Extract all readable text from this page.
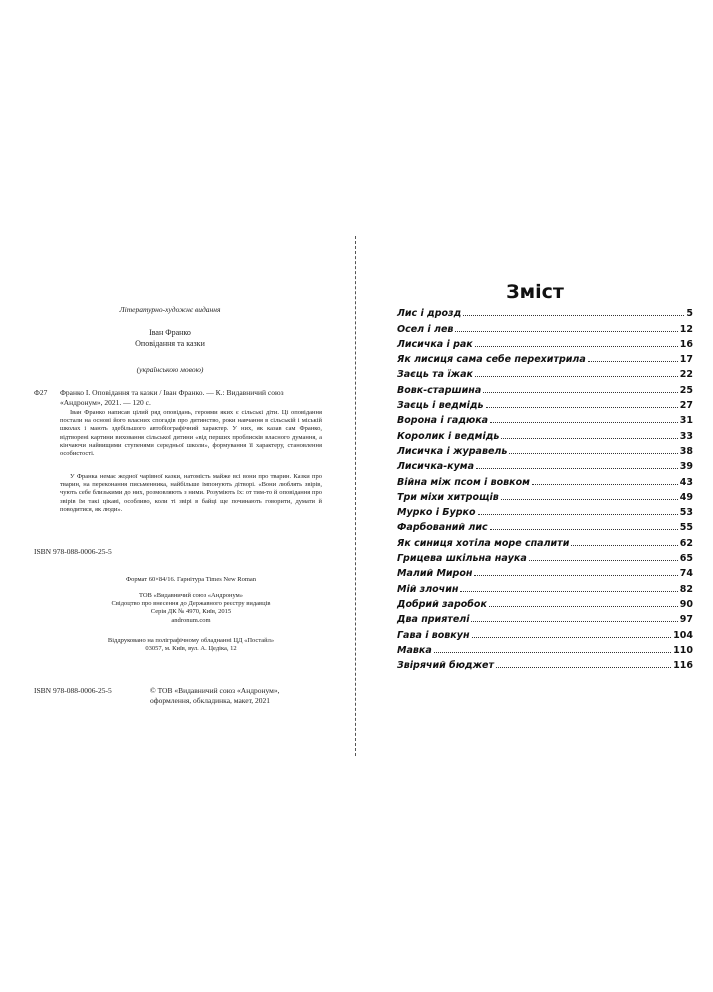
Літературно-художнє видання
Іван Франко
Оповідання та казки
(українською мовою)
Ф27 Франко І. Оповідання та казки / Іван Франко. — К.: Видавничий союз «Андронум», 2021. — 120 с.

Іван Франко написав цілий ряд оповідань, героями яких є сільські діти. Ці оповідання постали на основі його власних спогадів про дитинство, роки навчання в сільській і міській школах і мають здебільшого автобіографічний характер. У них, як казав сам Франко, відтворені картини виховання сільської дитини «від перших проблисків власного думання, а кінчаючи найвищими ступенями середньої школи», формування її характеру, становлення особистості.

У Франка немає жодної чарівної казки, натомість майже всі вони про тварин. Казки про тварин, на переконання письменника, найбільше імпонують дітворі. «Вони люблять звірів, чують себе близькими до них, розмовляють з ними. Розуміють їх: от тим-то й оповідання про звірів їм такі цікаві, особливо, коли ті звірі в байці ще починають говорити, думати й поводитися, як люди».

ISBN 978-088-0006-25-5
Формат 60×84/16. Гарнітура Times New Roman
ТОВ «Видавничий союз «Андронум»
Свідоцтво про внесення до Державного реєстру видавців
Серія ДК № 4970, Київ, 2015
andronum.com
Віддруковано на поліграфічному обладнанні ЦД «Постайл»
03057, м. Київ, вул. А. Цедіка, 12
ISBN 978-088-0006-25-5	© ТОВ «Видавничий союз «Андронум», оформлення, обкладинка, макет, 2021
Зміст
Лис і дрозд	5
Осел і лев	12
Лисичка і рак	16
Як лисиця сама себе перехитрила	17
Заєць та їжак	22
Вовк-старшина	25
Заєць і ведмідь	27
Ворона і гадюка	31
Королик і ведмідь	33
Лисичка і журавель	38
Лисичка-кума	39
Війна між псом і вовком	43
Три міхи хитрощів	49
Мурко і Бурко	53
Фарбований лис	55
Як синиця хотіла море спалити	62
Грицева шкільна наука	65
Малий Мирон	74
Мій злочин	82
Добрий заробок	90
Два приятелі	97
Гава і вовкун	104
Мавка	110
Звірячий бюджет	116
